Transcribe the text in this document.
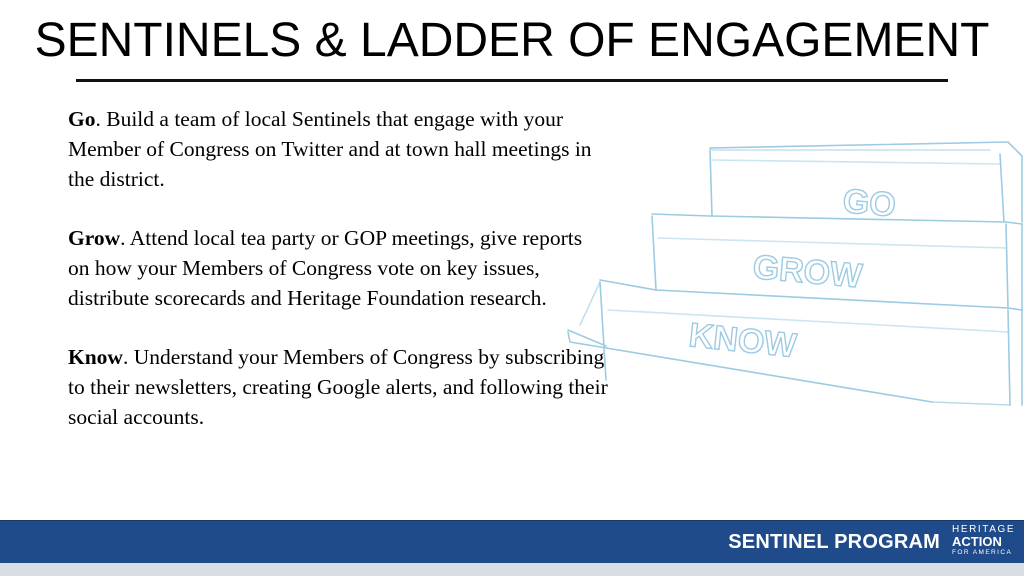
SENTINELS & LADDER OF ENGAGEMENT

Go. Build a team of local Sentinels that engage with your Member of Congress on Twitter and at town hall meetings in the district.

Grow. Attend local tea party or GOP meetings, give reports on how your Members of Congress vote on key issues, distribute scorecards and Heritage Foundation research.

Know. Understand your Members of Congress by subscribing to their newsletters, creating Google alerts, and following their social accounts.

GO
GROW
KNOW
SENTINEL PROGRAM
HERITAGE
ACTION
FOR AMERICA
